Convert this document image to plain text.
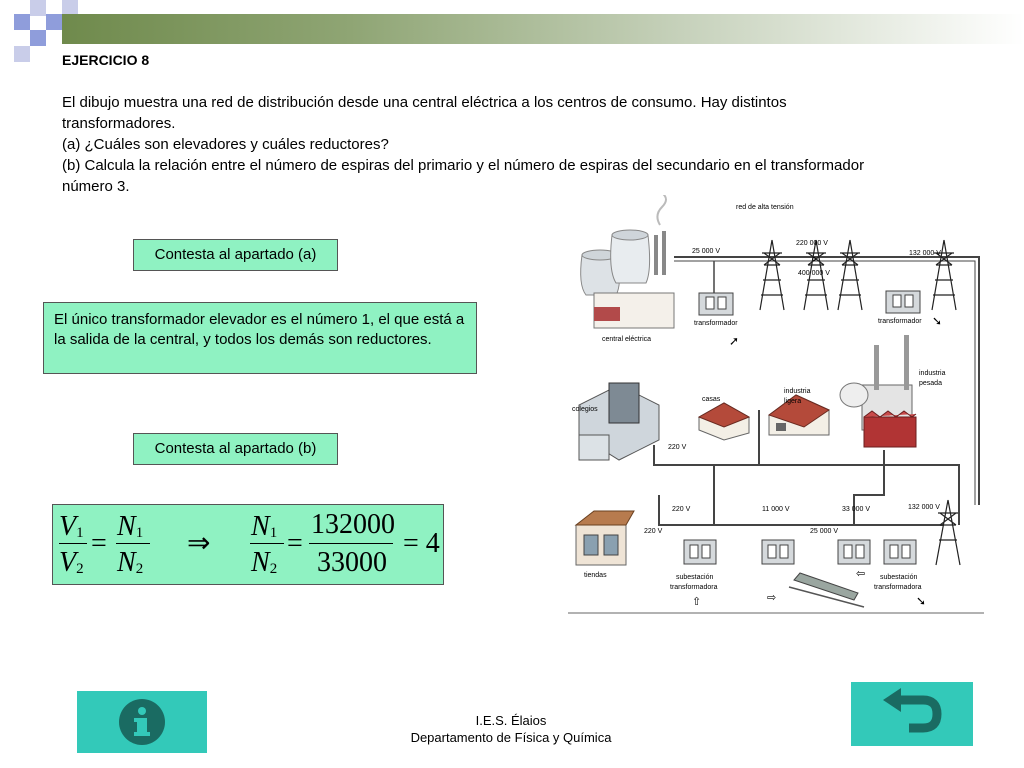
EJERCICIO 8
El dibujo muestra una red de distribución desde una central eléctrica a los centros de consumo. Hay distintos transformadores.
(a) ¿Cuáles son elevadores y cuáles reductores?
(b) Calcula la relación entre el número de espiras del primario y el número de espiras del secundario en el transformador número 3.
Contesta al apartado (a)
El único transformador elevador es el número 1, el que está a la salida de la central, y todos los demás son reductores.
Contesta al apartado (b)
$V_1$
$V_2$
=
$N_1$
$N_2$
⇒
$N_1$
$N_2$
=
132000
33000
= 4
central eléctrica
transformador
➚
25 000 V
red de alta tensión
220 000 V
o
400 000 V
132 000 V
transformador ➘
industria
pesada
industria
ligera
casas
colegios
220 V
tiendas
220 V
220 V
11 000 V	33 000 V
25 000 V
132 000 V
subestación
transformadora
subestación
transformadora
⇧	⇨
⇦
➘
I.E.S. Élaios
Departamento de Física y Química
